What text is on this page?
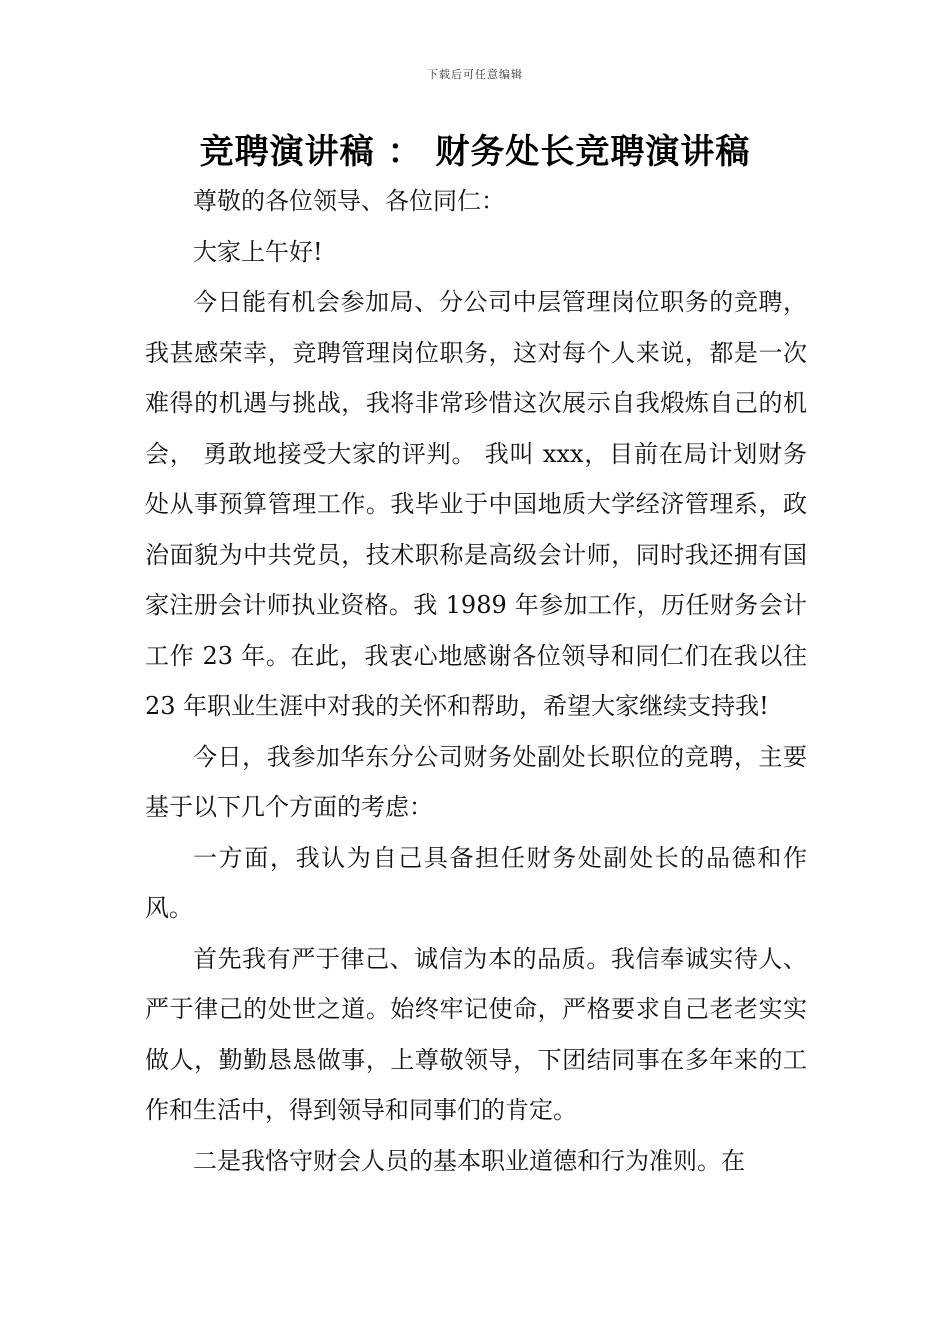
下载后可任意编辑
竞聘演讲稿 ： 财务处长竞聘演讲稿

尊敬的各位领导、各位同仁：

大家上午好!

今日能有机会参加局、分公司中层管理岗位职务的竞聘，我甚感荣幸，竞聘管理岗位职务，这对每个人来说，都是一次难得的机遇与挑战，我将非常珍惜这次展示自我煅炼自己的机会， 勇敢地接受大家的评判。 我叫 xxx，目前在局计划财务处从事预算管理工作。我毕业于中国地质大学经济管理系，政治面貌为中共党员，技术职称是高级会计师，同时我还拥有国家注册会计师执业资格。我 1989 年参加工作，历任财务会计工作 23 年。在此，我衷心地感谢各位领导和同仁们在我以往 23 年职业生涯中对我的关怀和帮助，希望大家继续支持我!

今日，我参加华东分公司财务处副处长职位的竞聘，主要基于以下几个方面的考虑：

一方面，我认为自己具备担任财务处副处长的品德和作风。

首先我有严于律己、诚信为本的品质。我信奉诚实待人、严于律己的处世之道。始终牢记使命，严格要求自己老老实实做人，勤勤恳恳做事，上尊敬领导，下团结同事在多年来的工作和生活中，得到领导和同事们的肯定。

二是我恪守财会人员的基本职业道德和行为准则。在
